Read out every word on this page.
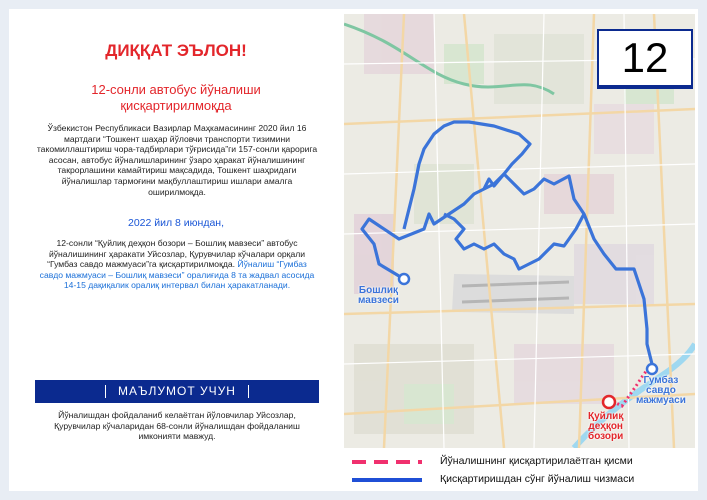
ДИҚҚАТ ЭЪЛОН!
12-сонли автобус йўналиши
қисқартирилмоқда
Ўзбекистон Республикаси Вазирлар Маҳкамасининг 2020 йил 16 мартдаги “Тошкент шаҳар йўловчи транспорти тизимини такомиллаштириш чора-тадбирлари тўғрисида”ги 157-сонли қарорига асосан, автобус йўналишларининг ўзаро ҳаракат йўналишининг такрорлашини камайтириш мақсадида, Тошкент шаҳридаги йўналишлар тармоғини мақбуллаштириш ишлари амалга оширилмоқда.
2022 йил 8 июндан,
12-сонли “Қуйлиқ деҳқон бозори – Бошлиқ мавзеси” автобус йўналишининг ҳаракати Уйсозлар, Қурувчилар кўчалари орқали “Гумбаз савдо мажмуаси”га қисқартирилмоқда. Йўналиш “Гумбаз савдо мажмуаси – Бошлиқ мавзеси” оралиғида 8 та жадвал асосида 14-15 дақиқалик оралиқ интервал билан ҳаракатланади.
МАЪЛУМОТ УЧУН
Йўналишдан фойдаланиб келаётган йўловчилар Уйсозлар, Қурувчилар кўчаларидан 68-сонли йўналишдан фойдаланиш имконияти мавжуд.
Бошлиқ
мавзеси
Гумбаз
савдо
мажмуаси
Қуйлиқ
деҳқон
бозори
12
Йўналишнинг қисқартирилаётган қисми
Қисқартиришдан сўнг йўналиш чизмаси
